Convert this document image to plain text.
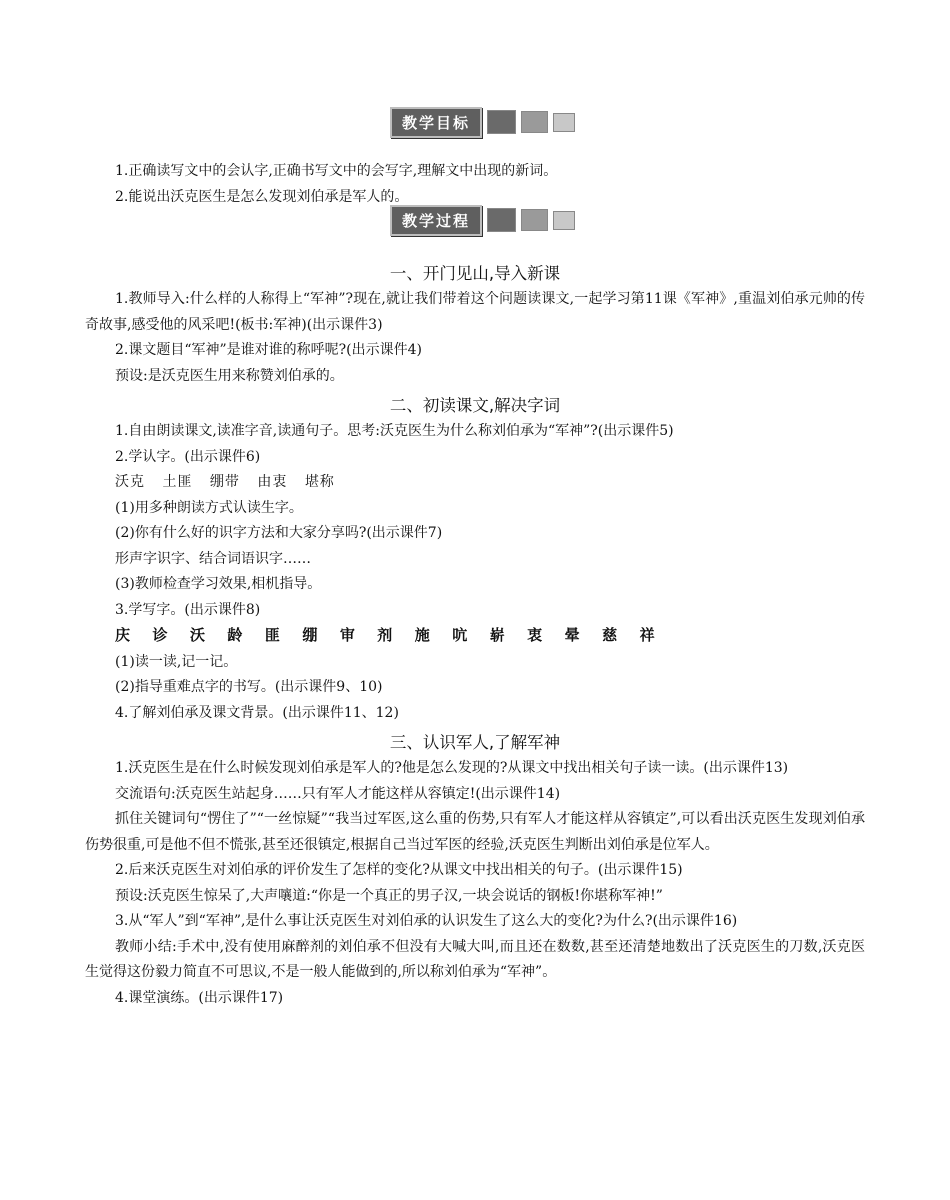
教学目标

1.正确读写文中的会认字,正确书写文中的会写字,理解文中出现的新词。

2.能说出沃克医生是怎么发现刘伯承是军人的。

教学过程

一、开门见山,导入新课

1.教师导入:什么样的人称得上“军神”?现在,就让我们带着这个问题读课文,一起学习第11课《军神》,重温刘伯承元帅的传奇故事,感受他的风采吧!(板书:军神)(出示课件3)

2.课文题目“军神”是谁对谁的称呼呢?(出示课件4)

预设:是沃克医生用来称赞刘伯承的。

二、初读课文,解决字词

1.自由朗读课文,读准字音,读通句子。思考:沃克医生为什么称刘伯承为“军神”?(出示课件5)

2.学认字。(出示课件6)

沃克 土匪 绷带 由衷 堪称

(1)用多种朗读方式认读生字。

(2)你有什么好的识字方法和大家分享吗?(出示课件7)

形声字识字、结合词语识字……

(3)教师检查学习效果,相机指导。

3.学写字。(出示课件8)

庆 诊 沃 龄 匪 绷 审 剂 施 吭 崭 衷 晕 慈 祥

(1)读一读,记一记。

(2)指导重难点字的书写。(出示课件9、10)

4.了解刘伯承及课文背景。(出示课件11、12)

三、认识军人,了解军神

1.沃克医生是在什么时候发现刘伯承是军人的?他是怎么发现的?从课文中找出相关句子读一读。(出示课件13)

交流语句:沃克医生站起身……只有军人才能这样从容镇定!(出示课件14)

抓住关键词句“愣住了”“一丝惊疑”“我当过军医,这么重的伤势,只有军人才能这样从容镇定”,可以看出沃克医生发现刘伯承伤势很重,可是他不但不慌张,甚至还很镇定,根据自己当过军医的经验,沃克医生判断出刘伯承是位军人。

2.后来沃克医生对刘伯承的评价发生了怎样的变化?从课文中找出相关的句子。(出示课件15)

预设:沃克医生惊呆了,大声嚷道:“你是一个真正的男子汉,一块会说话的钢板!你堪称军神!”

3.从“军人”到“军神”,是什么事让沃克医生对刘伯承的认识发生了这么大的变化?为什么?(出示课件16)

教师小结:手术中,没有使用麻醉剂的刘伯承不但没有大喊大叫,而且还在数数,甚至还清楚地数出了沃克医生的刀数,沃克医生觉得这份毅力简直不可思议,不是一般人能做到的,所以称刘伯承为“军神”。

4.课堂演练。(出示课件17)
